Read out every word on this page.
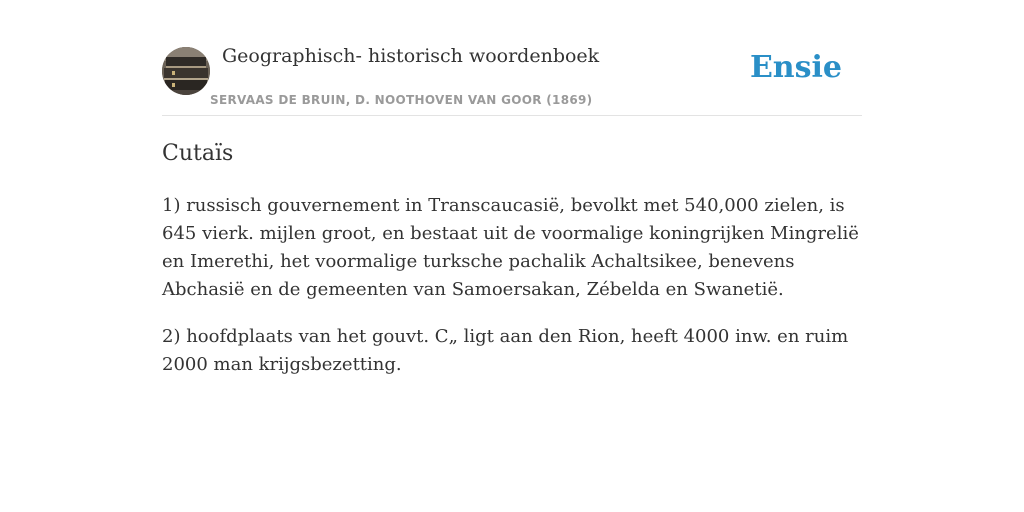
Geographisch- historisch woordenboek
SERVAAS DE BRUIN, D. NOOTHOVEN VAN GOOR (1869)
Ensie
Cutaïs

1) russisch gouvernement in Transcaucasië, bevolkt met 540,000 zielen, is 645 vierk. mijlen groot, en bestaat uit de voormalige koningrijken Mingrelië en Imerethi, het voormalige turksche pachalik Achaltsikee, benevens Abchasië en de gemeenten van Samoersakan, Zébelda en Swanetië.

2) hoofdplaats van het gouvt. C„ ligt aan den Rion, heeft 4000 inw. en ruim 2000 man krijgsbezetting.
